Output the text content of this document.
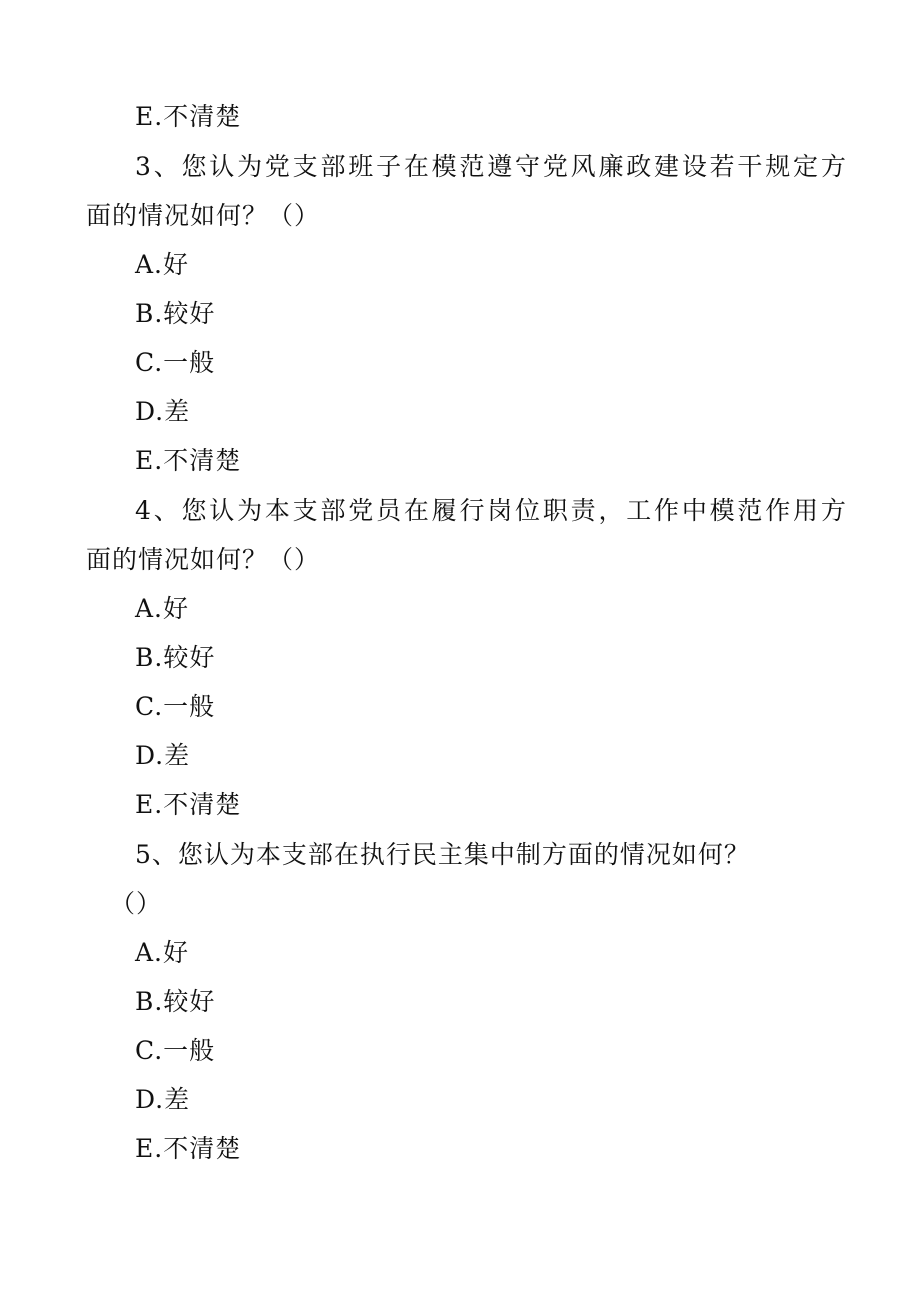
E.不清楚
3 、 您 认 为 党 支 部 班 子 在 模 范 遵 守 党 风 廉 政 建 设 若 干 规 定 方
面的情况如何？（）
A.好
B.较好
C.一般
D.差
E.不清楚
4 、 您 认 为 本 支 部 党 员 在 履 行 岗 位 职 责 ， 工 作 中 模 范 作 用 方
面的情况如何？（）
A.好
B.较好
C.一般
D.差
E.不清楚
5、您认为本支部在执行民主集中制方面的情况如何？
（）
A.好
B.较好
C.一般
D.差
E.不清楚
